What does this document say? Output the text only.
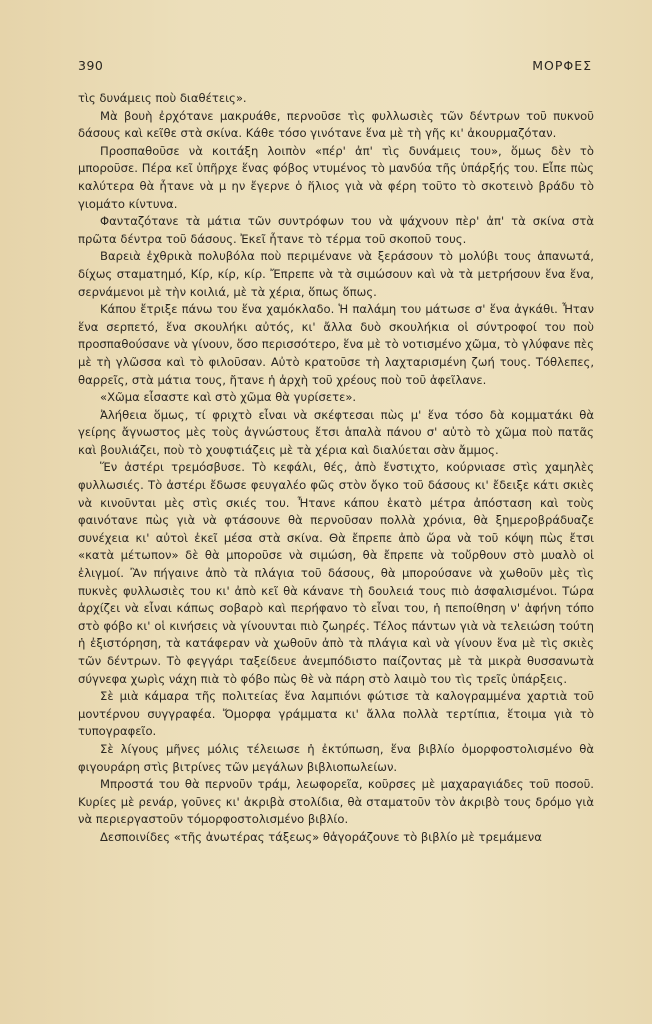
390	ΜΟΡΦΕΣ

τὶς δυνάμεις ποὺ διαθέτεις».

Μὰ βουὴ ἐρχότανε μακρυάθε, περνοῦσε τὶς φυλλωσιὲς τῶν δέντρων τοῦ πυκνοῦ δάσους καὶ κεῖθε στὰ σκίνα. Κάθε τόσο γινότανε ἕνα μὲ τὴ γῆς κι' ἀκουρμαζόταν.

Προσπαθοῦσε νὰ κοιτάξη λοιπὸν «πέρ' ἀπ' τὶς δυνάμεις του», ὅμως δὲν τὸ μποροῦσε. Πέρα κεῖ ὑπῆρχε ἕνας φόβος ντυμένος τὸ μανδύα τῆς ὑπάρξής του. Εἶπε πὼς καλύτερα θὰ ἦτανε νὰ μ ην ἔγερνε ὁ ἥλιος γιὰ νὰ φέρη τοῦτο τὸ σκοτεινὸ βράδυ τὸ γιομάτο κίντυνα.

Φανταζότανε τὰ μάτια τῶν συντρόφων του νὰ ψάχνουν πὲρ' ἀπ' τὰ σκίνα στὰ πρῶτα δέντρα τοῦ δάσους. Ἐκεῖ ἦτανε τὸ τέρμα τοῦ σκοποῦ τους.

Βαρειὰ ἐχθρικὰ πολυβόλα ποὺ περιμένανε νὰ ξεράσουν τὸ μολύβι τους ἀπανωτά, δίχως σταματημό, Κίρ, κίρ, κίρ. Ἔπρεπε νὰ τὰ σιμώσουν καὶ νὰ τὰ μετρήσουν ἕνα ἕνα, σερνάμενοι μὲ τὴν κοιλιά, μὲ τὰ χέρια, ὅπως ὅπως.

Κάπου ἔτριξε πάνω του ἕνα χαμόκλαδο. Ἡ παλάμη του μάτωσε σ' ἕνα ἀγκάθι. Ἦταν ἕνα σερπετό, ἕνα σκουλήκι αὐτός, κι' ἄλλα δυὸ σκουλήκια οἱ σύντροφοί του ποὺ προσπαθούσανε νὰ γίνουν, ὅσο περισσότερο, ἕνα μὲ τὸ νοτισμένο χῶμα, τὸ γλύφανε πὲς μὲ τὴ γλῶσσα καὶ τὸ φιλοῦσαν. Αὐτὸ κρατοῦσε τὴ λαχταρισμένη ζωή τους. Τόθλεπες, θαρρεῖς, στὰ μάτια τους, ἤτανε ἡ ἀρχὴ τοῦ χρέους ποὺ τοῦ ἀφεῖλανε.

«Χῶμα εἶσαστε καὶ στὸ χῶμα θὰ γυρίσετε».

Ἀλήθεια ὅμως, τί φριχτὸ εἶναι νὰ σκέφτεσαι πὼς μ' ἕνα τόσο δὰ κομματάκι θὰ γείρης ἄγνωστος μὲς τοὺς ἀγνώστους ἔτσι ἁπαλὰ πάνου σ' αὐτὸ τὸ χῶμα ποὺ πατᾶς καὶ βουλιάζει, ποὺ τὸ χουφτιάζεις μὲ τὰ χέρια καὶ διαλύεται σὰν ἄμμος.

Ἕν ἀστέρι τρεμόσβυσε. Τὸ κεφάλι, θές, ἀπὸ ἔνστιχτο, κούρνιασε στὶς χαμηλὲς φυλλωσιές. Τὸ ἀστέρι ἔδωσε φευγαλέο φῶς στὸν ὄγκο τοῦ δάσους κι' ἔδειξε κάτι σκιὲς νὰ κινοῦνται μὲς στὶς σκιές του. Ἦτανε κάπου ἑκατὸ μέτρα ἀπόσταση καὶ τοὺς φαινότανε πὼς γιὰ νὰ φτάσουνε θὰ περνοῦσαν πολλὰ χρόνια, θὰ ξημεροβράδυαζε συνέχεια κι' αὐτοὶ ἐκεῖ μέσα στὰ σκίνα. Θὰ ἔπρεπε ἀπὸ ὥρα νὰ τοῦ κόψη πὼς ἔτσι «κατὰ μέτωπον» δὲ θὰ μποροῦσε νὰ σιμώση, θὰ ἔπρεπε νὰ τοὔρθουν στὸ μυαλὸ οἱ ἐλιγμοί. Ἂν πήγαινε ἀπὸ τὰ πλάγια τοῦ δάσους, θὰ μπορούσανε νὰ χωθοῦν μὲς τὶς πυκνὲς φυλλωσιὲς του κι' ἀπὸ κεῖ θὰ κάνανε τὴ δουλειά τους πιὸ ἀσφαλισμένοι. Τώρα ἀρχίζει νὰ εἶναι κάπως σοβαρὸ καὶ περήφανο τὸ εἶναι του, ἡ πεποίθηση ν' ἀφήνη τόπο στὸ φόβο κι' οἱ κινήσεις νὰ γίνουνται πιὸ ζωηρές. Τέλος πάντων γιὰ νὰ τελειώση τούτη ἡ ἐξιστόρηση, τὰ κατάφεραν νὰ χωθοῦν ἀπὸ τὰ πλάγια καὶ νὰ γίνουν ἕνα μὲ τὶς σκιὲς τῶν δέντρων. Τὸ φεγγάρι ταξείδευε ἀνεμπόδιστο παίζοντας μὲ τὰ μικρὰ θυσσανωτὰ σύγνεφα χωρὶς νάχη πιὰ τὸ φόβο πὼς θὲ νὰ πάρη στὸ λαιμὸ του τὶς τρεῖς ὑπάρξεις.

Σὲ μιὰ κάμαρα τῆς πολιτείας ἕνα λαμπιόνι φώτισε τὰ καλογραμμένα χαρτιὰ τοῦ μοντέρνου συγγραφέα. Ὄμορφα γράμματα κι' ἄλλα πολλὰ τερτίπια, ἕτοιμα γιὰ τὸ τυπογραφεῖο.

Σὲ λίγους μῆνες μόλις τέλειωσε ἡ ἐκτύπωση, ἕνα βιβλίο ὀμορφοστολισμένο θὰ φιγουράρη στὶς βιτρίνες τῶν μεγάλων βιβλιοπωλείων.

Μπροστά του θὰ περνοῦν τράμ, λεωφορεῖα, κοῦρσες μὲ μαχαραγιάδες τοῦ ποσοῦ. Κυρίες μὲ ρενάρ, γοῦνες κι' ἀκριβὰ στολίδια, θὰ σταματοῦν τὸν ἀκριβὸ τους δρόμο γιὰ νὰ περιεργαστοῦν τόμορφοστολισμένο βιβλίο.

Δεσποινίδες «τῆς ἀνωτέρας τάξεως» θἀγοράζουνε τὸ βιβλίο μὲ τρεμάμενα
